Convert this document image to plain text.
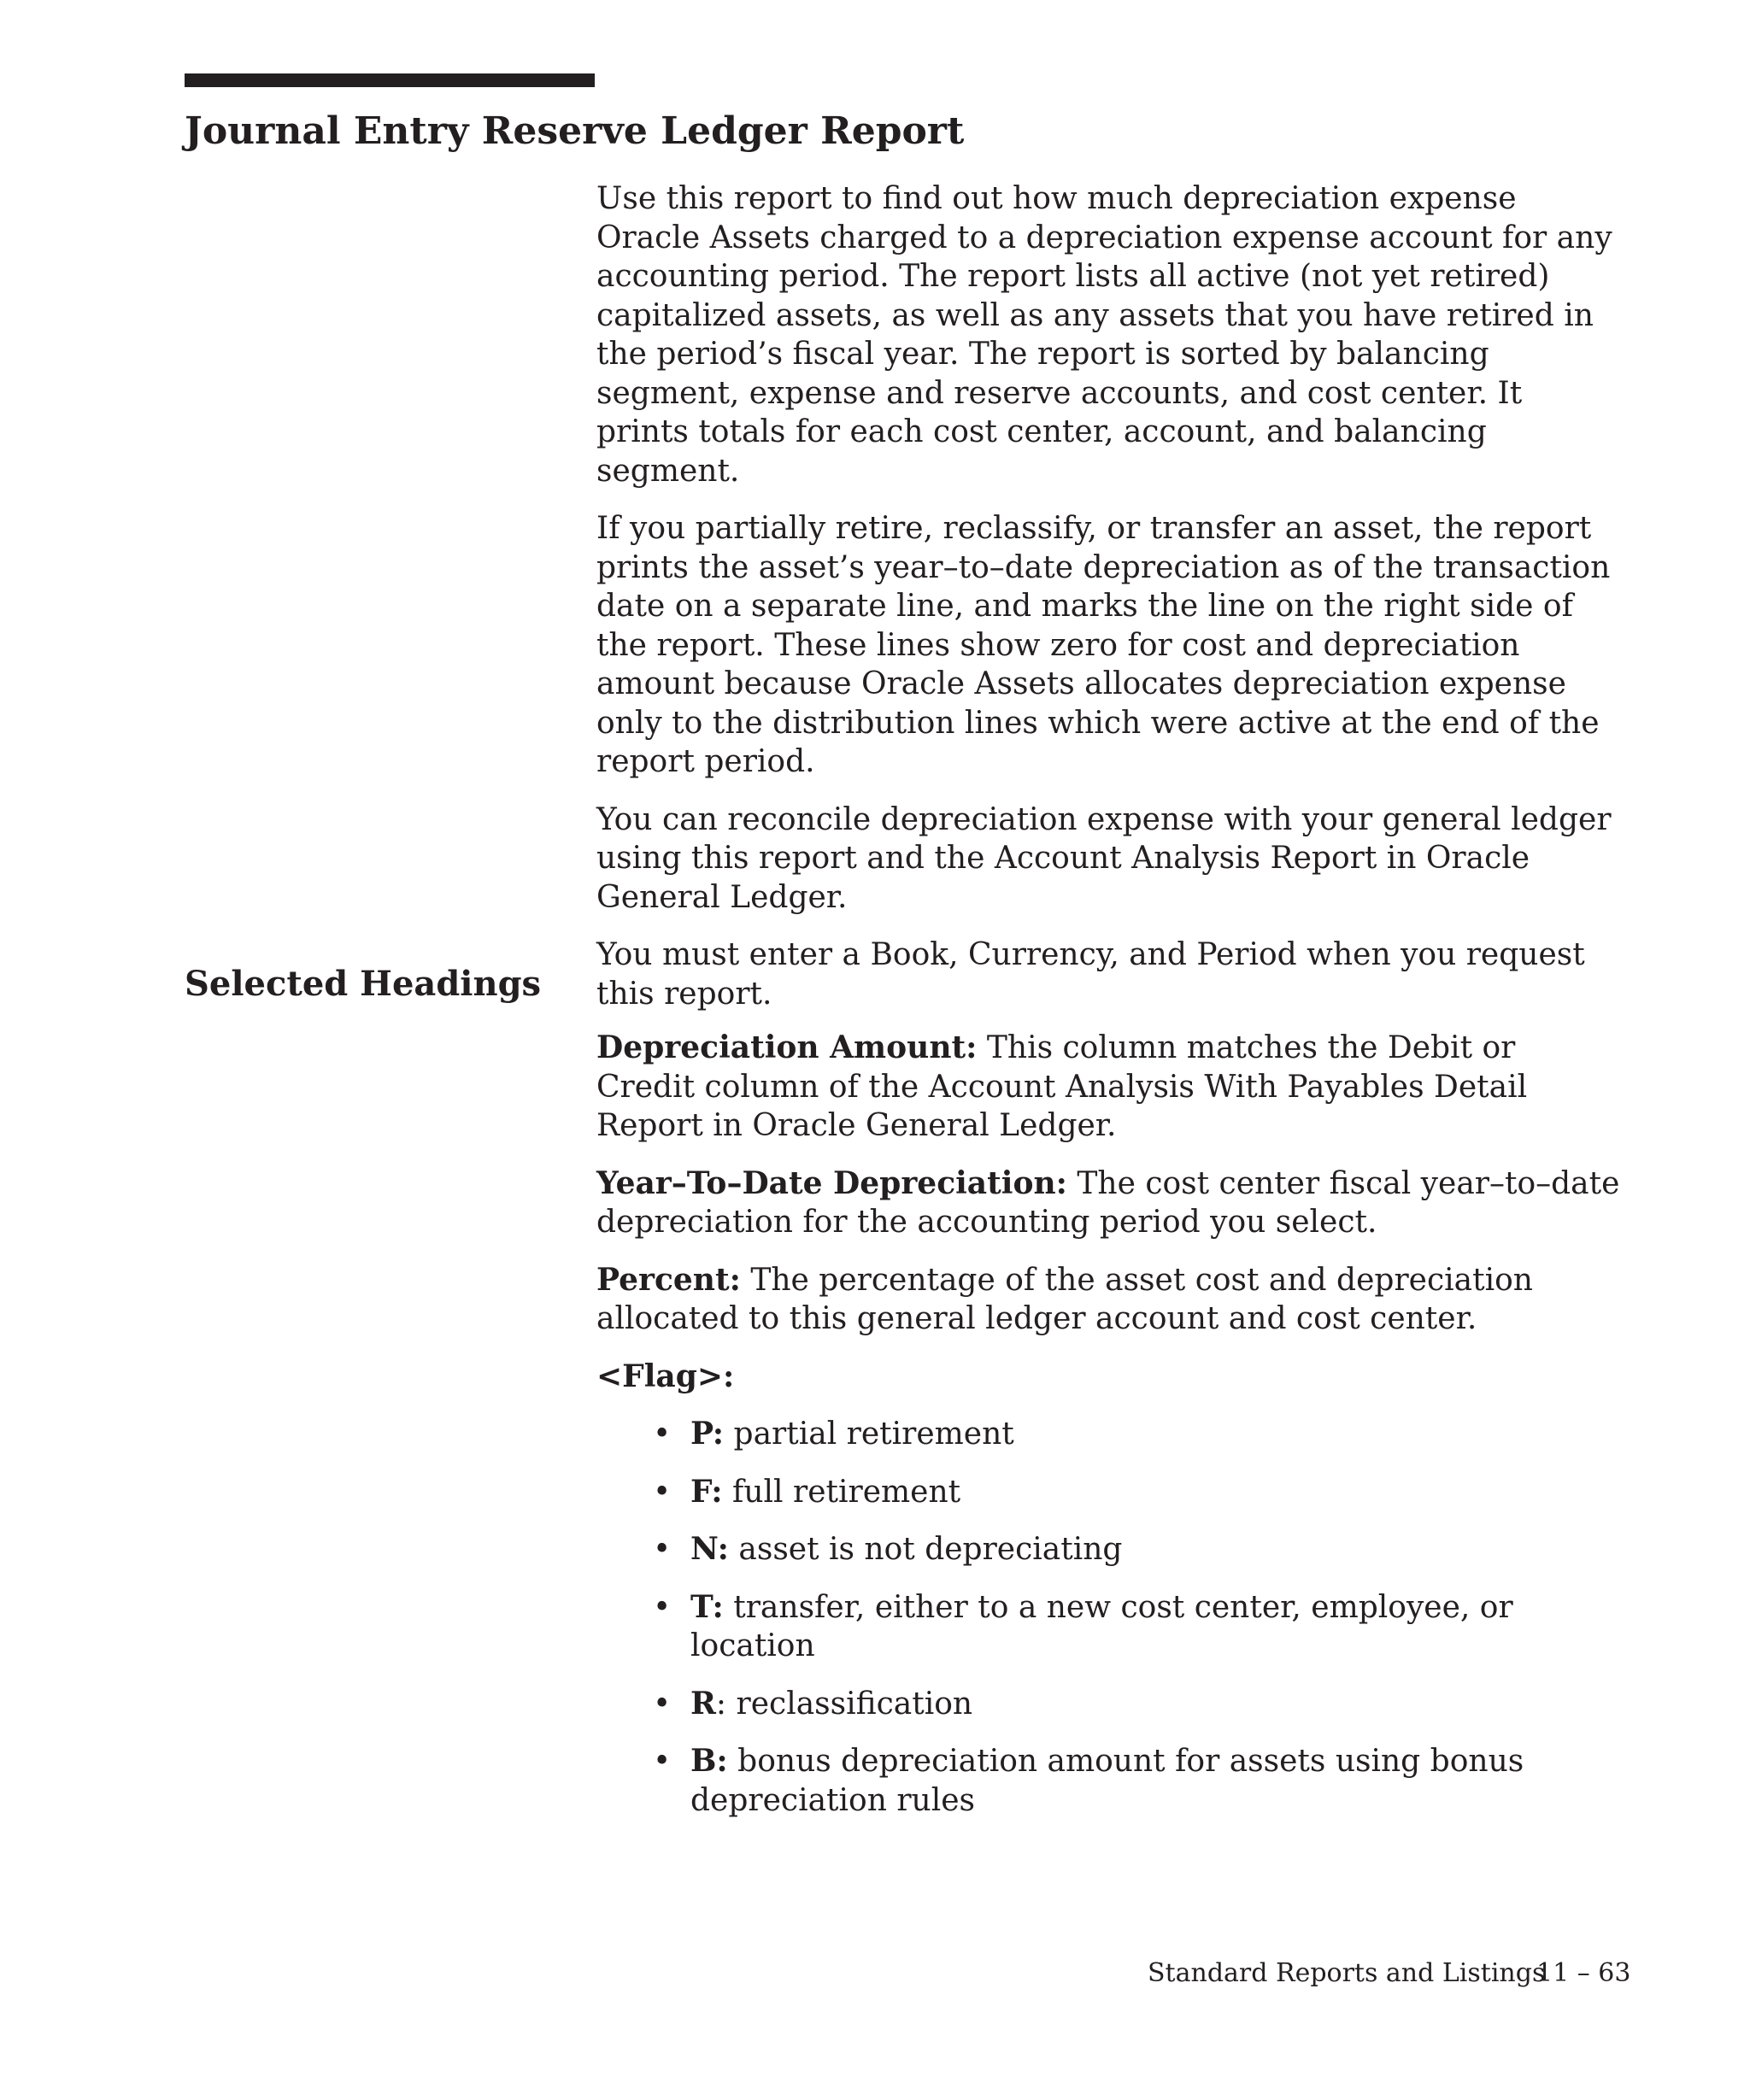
Journal Entry Reserve Ledger Report

Use this report to find out how much depreciation expense Oracle Assets charged to a depreciation expense account for any accounting period. The report lists all active (not yet retired) capitalized assets, as well as any assets that you have retired in the period’s fiscal year. The report is sorted by balancing segment, expense and reserve accounts, and cost center. It prints totals for each cost center, account, and balancing segment.

If you partially retire, reclassify, or transfer an asset, the report prints the asset’s year–to–date depreciation as of the transaction date on a separate line, and marks the line on the right side of the report. These lines show zero for cost and depreciation amount because Oracle Assets allocates depreciation expense only to the distribution lines which were active at the end of the report period.

You can reconcile depreciation expense with your general ledger using this report and the Account Analysis Report in Oracle General Ledger.

You must enter a Book, Currency, and Period when you request this report.

Selected Headings

Depreciation Amount: This column matches the Debit or Credit column of the Account Analysis With Payables Detail Report in Oracle General Ledger.

Year–To–Date Depreciation: The cost center fiscal year–to–date depreciation for the accounting period you select.

Percent: The percentage of the asset cost and depreciation allocated to this general ledger account and cost center.

<Flag>:

• P: partial retirement
• F: full retirement
• N: asset is not depreciating
• T: transfer, either to a new cost center, employee, or location
• R: reclassification
• B: bonus depreciation amount for assets using bonus depreciation rules
Standard Reports and Listings
11 – 63
